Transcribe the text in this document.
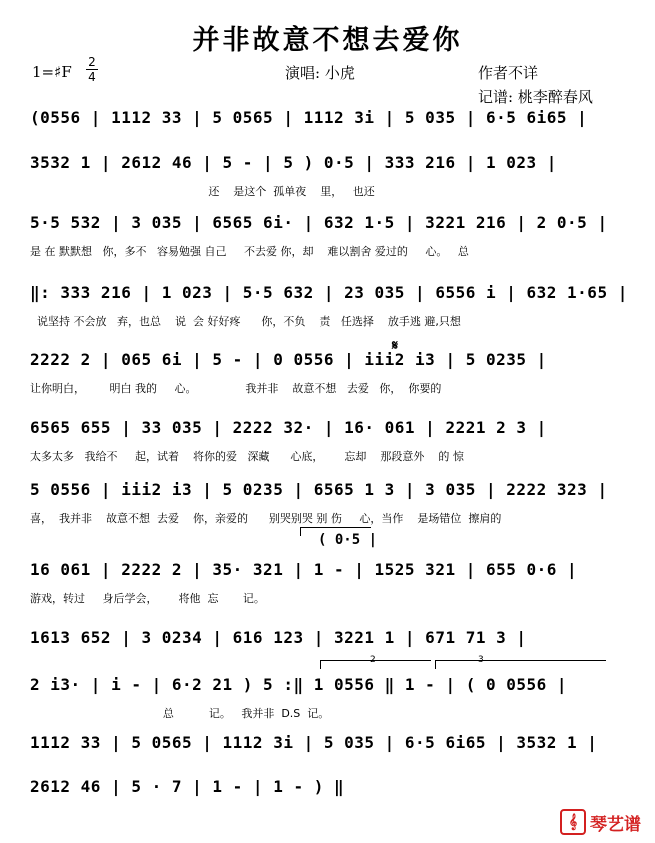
并非故意不想去爱你
1=♯F
2
4	演唱: 小虎	作者不详
记谱: 桃李醉春风
(0556 | 1112 33 | 5 0565 | 1112 3i | 5 035 | 6·5 6i65 |
3532 1 | 2612 46 | 5 - | 5 ) 0·5 | 333 216 | 1 023 |
还    是这个  孤单夜    里，   也还
5·5 532 | 3 035 | 6565 6i· | 632 1·5 | 3221 216 | 2 0·5 |
是 在 默默想   你，多不   容易勉强 自己     不去爱 你，却    难以割舍 爱过的     心。   总
‖: 333 216 | 1 023 | 5·5 632 | 23 035 | 6556 i | 632 1·65 |
说坚持 不会放   弃，也总    说  会 好好疼      你，不负    责   任选择    放手逃 避,只想
2222 2 | 065 6i | 5 - | 0 0556 | iii2 i3 | 5 0235 |
让你明白，       明白 我的     心。              我并非    故意不想   去爱   你，  你要的
6565 655 | 33 035 | 2222 32· | 16· 061 | 2221 2 3 |
太多太多   我给不     起，试着    将你的爱   深藏      心底，      忘却    那段意外    的 惊
5 0556 | iii2 i3 | 5 0235 | 6565 1 3 | 3 035 | 2222 323 |
喜，  我并非    故意不想  去爱    你，亲爱的      别哭别哭 别 伤     心，当作    是场错位  擦肩的
16 061 | 2222 2 | 35· 321 | 1 - | 1525 321 | 655 0·6 |
游戏，转过     身后学会，      将他  忘       记。
1613 652 | 3 0234 | 616 123 | 3221 1 | 671 71 3 |
2 i3· | i - | 6·2 21 ) 5 :‖ 1 0556 ‖ 1 - | ( 0 0556 |
总          记。   我并非  D.S  记。
1112 33 | 5 0565 | 1112 3i | 5 035 | 6·5 6i65 | 3532 1 |
2612 46 | 5 · 7 | 1 - | 1 - ) ‖
𝄋
( 0·5 |
2	3
𝄞 琴艺谱
